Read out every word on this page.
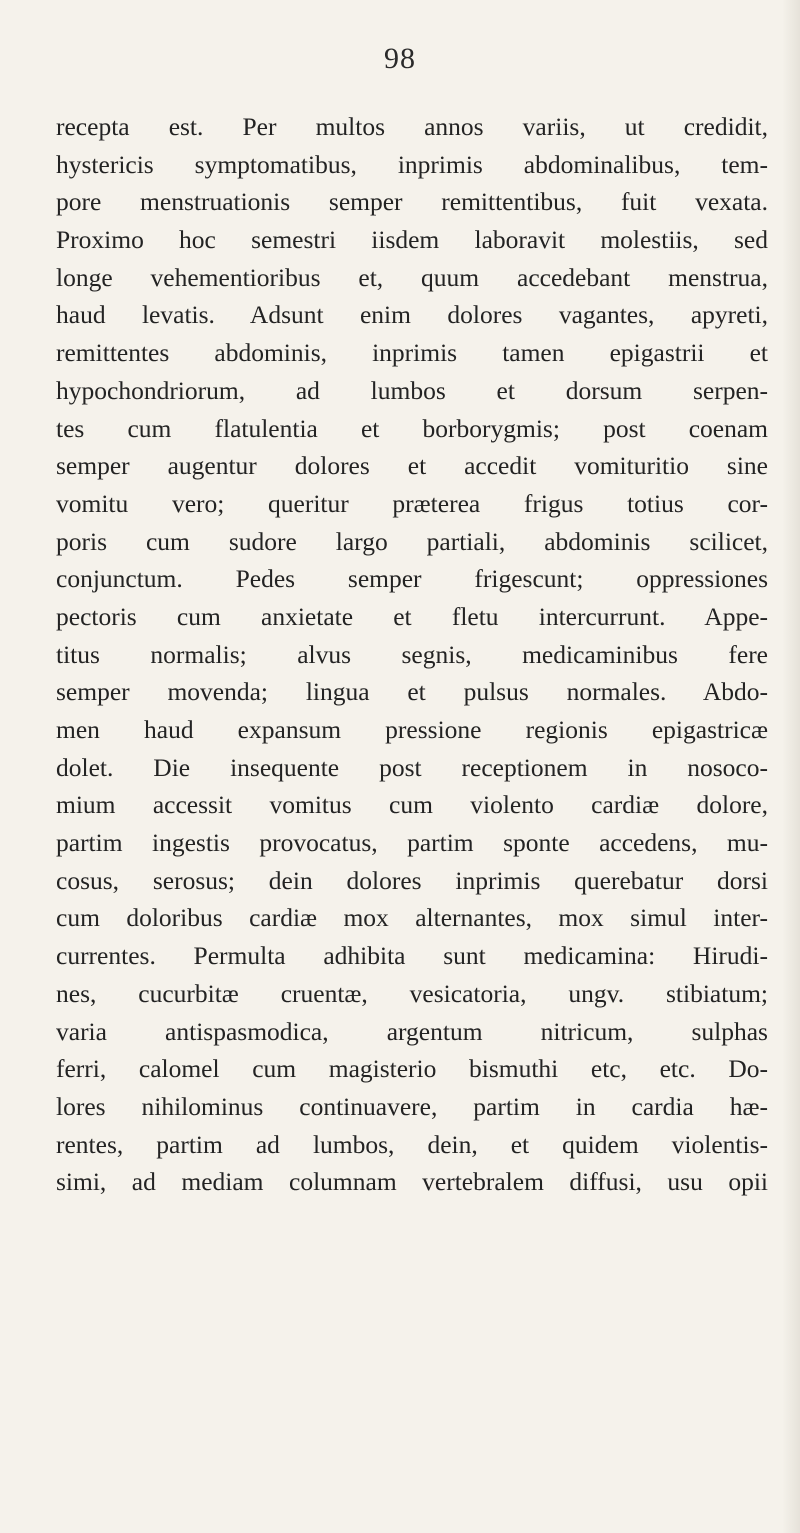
98
recepta est. Per multos annos variis, ut credidit,
hystericis symptomatibus, inprimis abdominalibus, tem-
pore menstruationis semper remittentibus, fuit vexata.
Proximo hoc semestri iisdem laboravit molestiis, sed
longe vehementioribus et, quum accedebant menstrua,
haud levatis. Adsunt enim dolores vagantes, apyreti,
remittentes abdominis, inprimis tamen epigastrii et
hypochondriorum, ad lumbos et dorsum serpen-
tes cum flatulentia et borborygmis; post coenam
semper augentur dolores et accedit vomituritio sine
vomitu vero; queritur præterea frigus totius cor-
poris cum sudore largo partiali, abdominis scilicet,
conjunctum. Pedes semper frigescunt; oppressiones
pectoris cum anxietate et fletu intercurrunt. Appe-
titus normalis; alvus segnis, medicaminibus fere
semper movenda; lingua et pulsus normales. Abdo-
men haud expansum pressione regionis epigastricæ
dolet. Die insequente post receptionem in nosoco-
mium accessit vomitus cum violento cardiæ dolore,
partim ingestis provocatus, partim sponte accedens, mu-
cosus, serosus; dein dolores inprimis querebatur dorsi
cum doloribus cardiæ mox alternantes, mox simul inter-
currentes. Permulta adhibita sunt medicamina: Hirudi-
nes, cucurbitæ cruentæ, vesicatoria, ungv. stibiatum;
varia antispasmodica, argentum nitricum, sulphas
ferri, calomel cum magisterio bismuthi etc, etc. Do-
lores nihilominus continuavere, partim in cardia hæ-
rentes, partim ad lumbos, dein, et quidem violentis-
simi, ad mediam columnam vertebralem diffusi, usu opii
